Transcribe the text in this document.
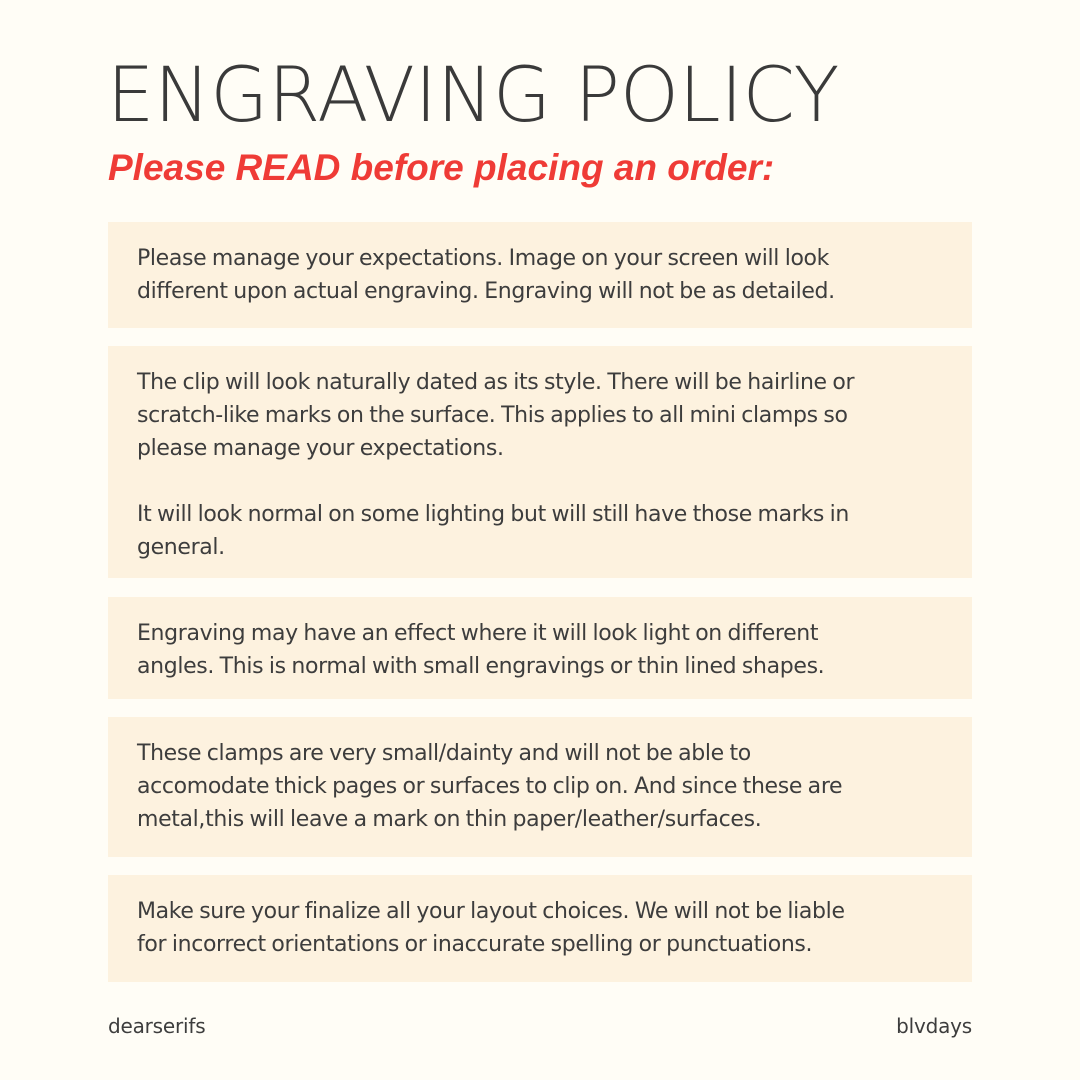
ENGRAVING POLICY
Please READ before placing an order:

Please manage your expectations. Image on your screen will look
different upon actual engraving. Engraving will not be as detailed.

The clip will look naturally dated as its style. There will be hairline or
scratch-like marks on the surface. This applies to all mini clamps so
please manage your expectations.

It will look normal on some lighting but will still have those marks in
general.

Engraving may have an effect where it will look light on different
angles. This is normal with small engravings or thin lined shapes.

These clamps are very small/dainty and will not be able to
accomodate thick pages or surfaces to clip on. And since these are
metal,this will leave a mark on thin paper/leather/surfaces.

Make sure your finalize all your layout choices. We will not be liable
for incorrect orientations or inaccurate spelling or punctuations.

dearserifs	blvdays
